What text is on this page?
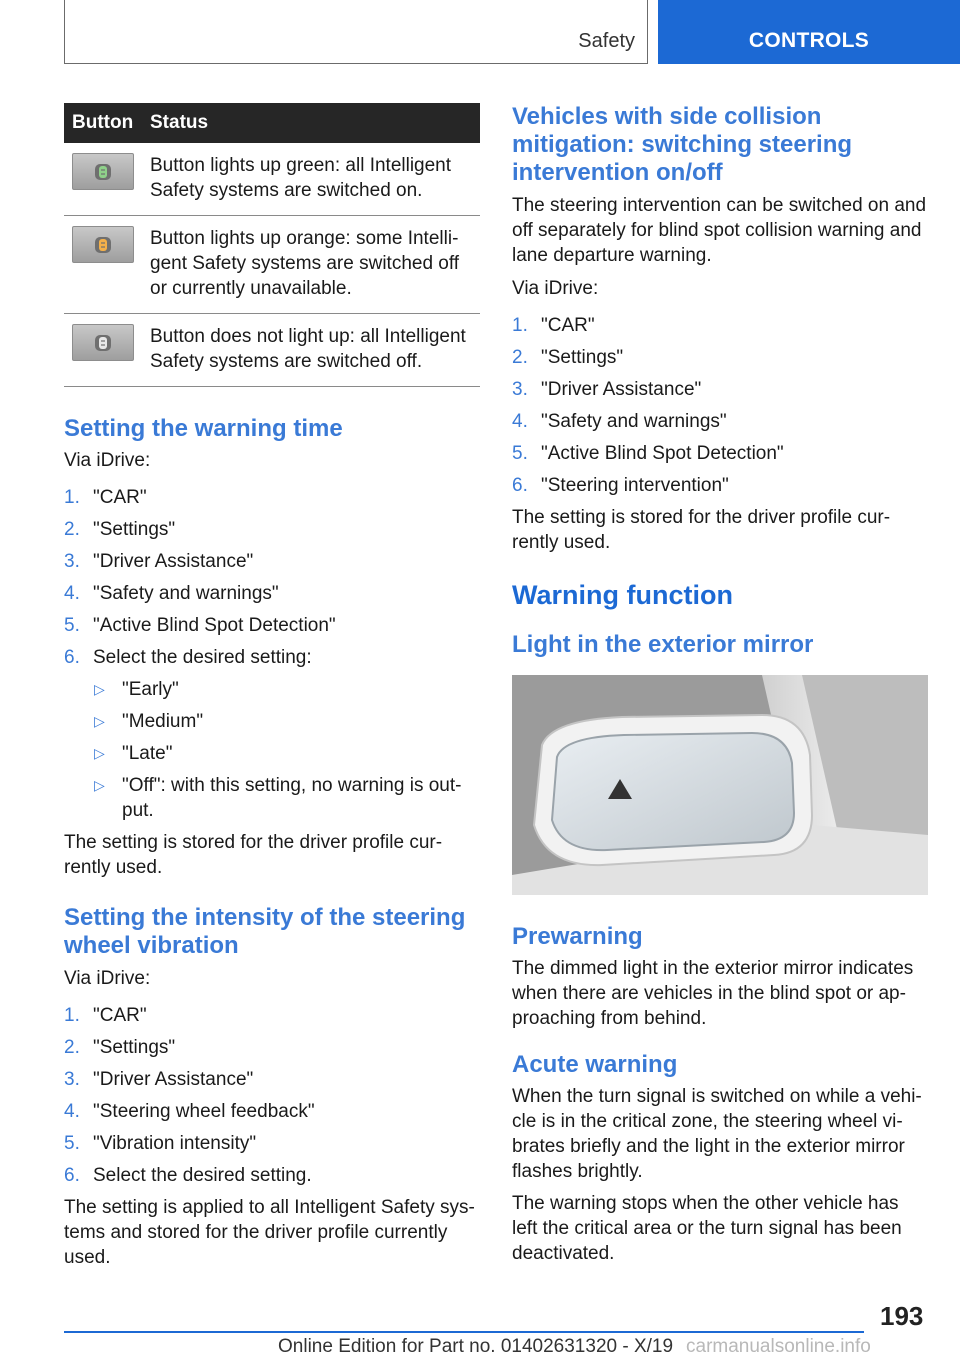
Safety	CONTROLS
Button	Status

	Button lights up green: all Intelligent Safety systems are switched on.

	Button lights up orange: some Intelli-gent Safety systems are switched off or currently unavailable.

	Button does not light up: all Intelligent Safety systems are switched off.
Setting the warning time

Via iDrive:

1. "CAR"
2. "Settings"
3. "Driver Assistance"
4. "Safety and warnings"
5. "Active Blind Spot Detection"
6. Select the desired setting:
▷ "Early"
▷ "Medium"
▷ "Late"
▷ "Off": with this setting, no warning is out-put.

The setting is stored for the driver profile cur-rently used.

Setting the intensity of the steering wheel vibration

Via iDrive:

1. "CAR"
2. "Settings"
3. "Driver Assistance"
4. "Steering wheel feedback"
5. "Vibration intensity"
6. Select the desired setting.

The setting is applied to all Intelligent Safety sys-tems and stored for the driver profile currently used.

Vehicles with side collision mitigation: switching steering intervention on/off

The steering intervention can be switched on and off separately for blind spot collision warning and lane departure warning.

Via iDrive:

1. "CAR"
2. "Settings"
3. "Driver Assistance"
4. "Safety and warnings"
5. "Active Blind Spot Detection"
6. "Steering intervention"

The setting is stored for the driver profile cur-rently used.

Warning function
Light in the exterior mirror
Prewarning

The dimmed light in the exterior mirror indicates when there are vehicles in the blind spot or ap-proaching from behind.

Acute warning

When the turn signal is switched on while a vehi-cle is in the critical zone, the steering wheel vi-brates briefly and the light in the exterior mirror flashes brightly.

The warning stops when the other vehicle has left the critical area or the turn signal has been deactivated.

193
Online Edition for Part no. 01402631320 - X/19 carmanualsonline.info
